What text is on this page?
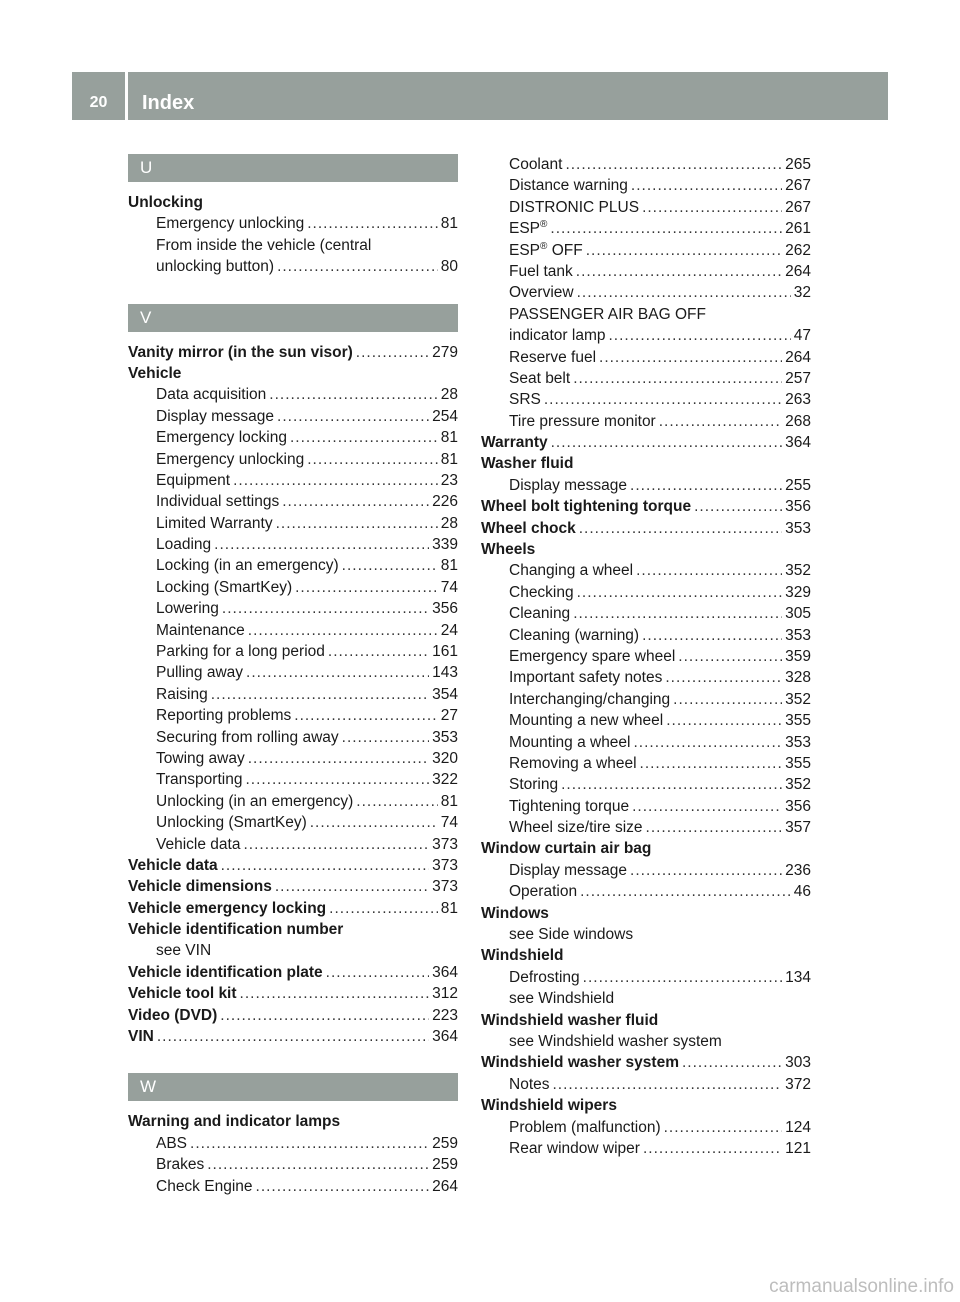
20	Index
U
Unlocking
Emergency unlocking .....	81
From inside the vehicle (central
unlocking button) .....	80
V
Vanity mirror (in the sun visor) .....	279
Vehicle
Data acquisition .....	28
Display message .....	254
Emergency locking .....	81
Emergency unlocking .....	81
Equipment .....	23
Individual settings .....	226
Limited Warranty .....	28
Loading .....	339
Locking (in an emergency) .....	81
Locking (SmartKey) .....	74
Lowering .....	356
Maintenance .....	24
Parking for a long period .....	161
Pulling away .....	143
Raising .....	354
Reporting problems .....	27
Securing from rolling away .....	353
Towing away .....	320
Transporting .....	322
Unlocking (in an emergency) .....	81
Unlocking (SmartKey) .....	74
Vehicle data .....	373
Vehicle data .....	373
Vehicle dimensions .....	373
Vehicle emergency locking .....	81
Vehicle identification number
see VIN
Vehicle identification plate .....	364
Vehicle tool kit .....	312
Video (DVD) .....	223
VIN .....	364
W
Warning and indicator lamps
ABS .....	259
Brakes .....	259
Check Engine .....	264
Coolant .....	265
Distance warning .....	267
DISTRONIC PLUS .....	267
ESP® .....	261
ESP® OFF .....	262
Fuel tank .....	264
Overview .....	32
PASSENGER AIR BAG OFF
indicator lamp .....	47
Reserve fuel .....	264
Seat belt .....	257
SRS .....	263
Tire pressure monitor .....	268
Warranty .....	364
Washer fluid
Display message .....	255
Wheel bolt tightening torque .....	356
Wheel chock .....	353
Wheels
Changing a wheel .....	352
Checking .....	329
Cleaning .....	305
Cleaning (warning) .....	353
Emergency spare wheel .....	359
Important safety notes .....	328
Interchanging/changing .....	352
Mounting a new wheel .....	355
Mounting a wheel .....	353
Removing a wheel .....	355
Storing .....	352
Tightening torque .....	356
Wheel size/tire size .....	357
Window curtain air bag
Display message .....	236
Operation .....	46
Windows
see Side windows
Windshield
Defrosting .....	134
see Windshield
Windshield washer fluid
see Windshield washer system
Windshield washer system .....	303
Notes .....	372
Windshield wipers
Problem (malfunction) .....	124
Rear window wiper .....	121
carmanualsonline.info
